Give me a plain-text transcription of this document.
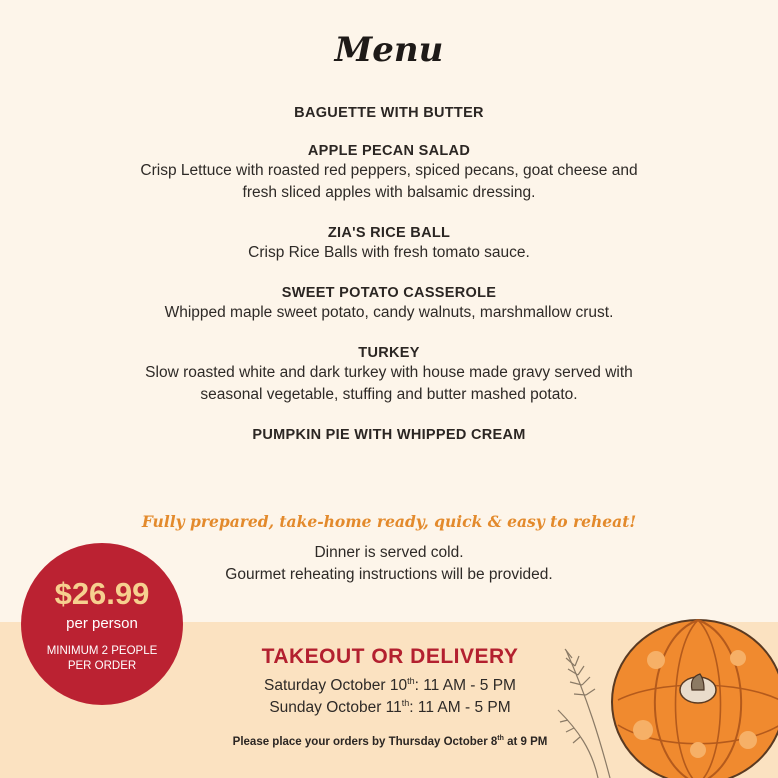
Menu
BAGUETTE WITH BUTTER
APPLE PECAN SALAD
Crisp Lettuce with roasted red peppers, spiced pecans, goat cheese and fresh sliced apples with balsamic dressing.
ZIA'S RICE BALL
Crisp Rice Balls with fresh tomato sauce.
SWEET POTATO CASSEROLE
Whipped maple sweet potato, candy walnuts, marshmallow crust.
TURKEY
Slow roasted white and dark turkey with house made gravy served with seasonal vegetable, stuffing and butter mashed potato.
PUMPKIN PIE WITH WHIPPED CREAM
Fully prepared, take-home ready, quick & easy to reheat!
Dinner is served cold.
Gourmet reheating instructions will be provided.
$26.99
per person
MINIMUM 2 PEOPLE PER ORDER	TAKEOUT OR DELIVERY
Saturday October 10th: 11 AM - 5 PM
Sunday October 11th: 11 AM - 5 PM
Please place your orders by Thursday October 8th at 9 PM
